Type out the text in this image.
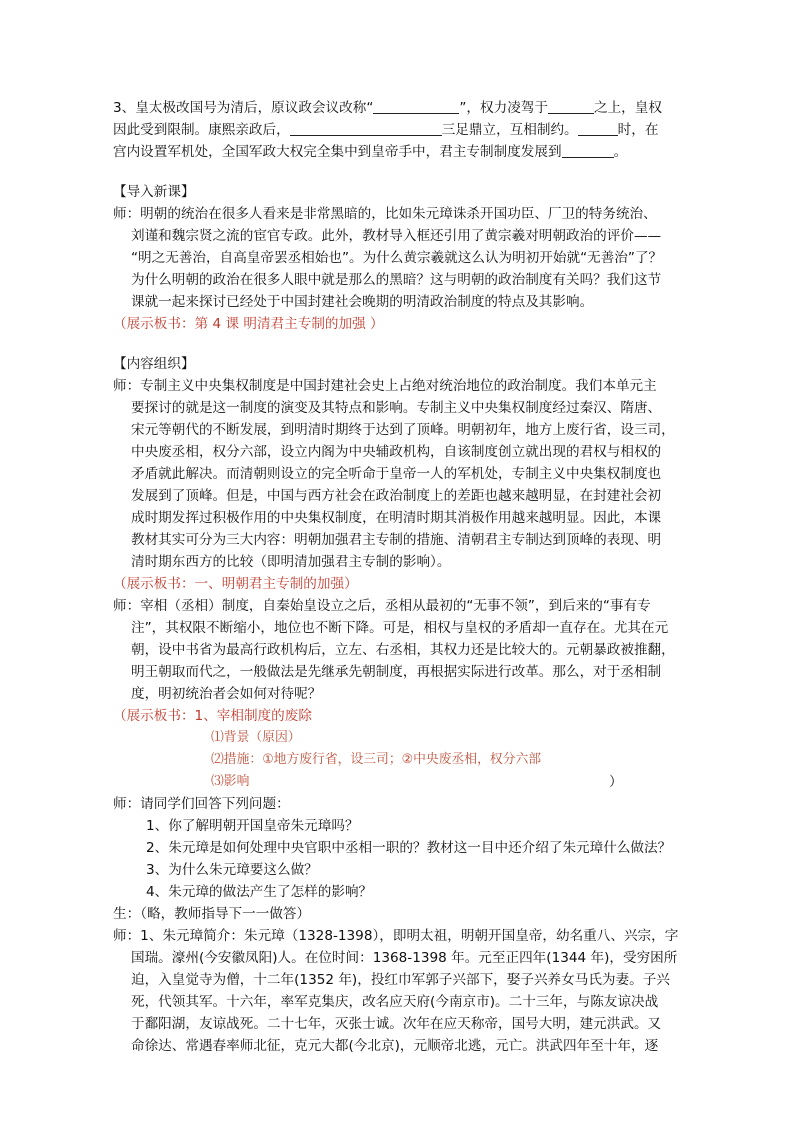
3、皇太极改国号为清后，原议政会议改称“	”，权力凌驾于	之上，皇权
因此受到限制。康熙亲政后，	三足鼎立，互相制约。	时，在
宫内设置军机处，全国军政大权完全集中到皇帝手中，君主专制制度发展到	。
【导入新课】
师：明朝的统治在很多人看来是非常黑暗的，比如朱元璋诛杀开国功臣、厂卫的特务统治、
刘谨和魏宗贤之流的宦官专政。此外，教材导入框还引用了黄宗羲对明朝政治的评价——
“明之无善治，自高皇帝罢丞相始也”。为什么黄宗羲就这么认为明初开始就“无善治”了？
为什么明朝的政治在很多人眼中就是那么的黑暗？这与明朝的政治制度有关吗？我们这节
课就一起来探讨已经处于中国封建社会晚期的明清政治制度的特点及其影响。
（展示板书：第 4 课 明清君主专制的加强 ）
【内容组织】
师：专制主义中央集权制度是中国封建社会史上占绝对统治地位的政治制度。我们本单元主
要探讨的就是这一制度的演变及其特点和影响。专制主义中央集权制度经过秦汉、隋唐、
宋元等朝代的不断发展，到明清时期终于达到了顶峰。明朝初年，地方上废行省，设三司，
中央废丞相，权分六部，设立内阁为中央辅政机构，自该制度创立就出现的君权与相权的
矛盾就此解决。而清朝则设立的完全听命于皇帝一人的军机处，专制主义中央集权制度也
发展到了顶峰。但是，中国与西方社会在政治制度上的差距也越来越明显，在封建社会初
成时期发挥过积极作用的中央集权制度，在明清时期其消极作用越来越明显。因此，本课
教材其实可分为三大内容：明朝加强君主专制的措施、清朝君主专制达到顶峰的表现、明
清时期东西方的比较（即明清加强君主专制的影响）。
（展示板书：一、明朝君主专制的加强）
师：宰相（丞相）制度，自秦始皇设立之后，丞相从最初的“无事不领”，到后来的“事有专
注”，其权限不断缩小，地位也不断下降。可是，相权与皇权的矛盾却一直存在。尤其在元
朝，设中书省为最高行政机构后，立左、右丞相，其权力还是比较大的。元朝暴政被推翻，
明王朝取而代之，一般做法是先继承先朝制度，再根据实际进行改革。那么，对于丞相制
度，明初统治者会如何对待呢？
（展示板书：1、宰相制度的废除
⑴背景（原因）
⑵措施：①地方废行省，设三司；②中央废丞相，权分六部
⑶影响	）
师：请同学们回答下列问题：
1、你了解明朝开国皇帝朱元璋吗？
2、朱元璋是如何处理中央官职中丞相一职的？教材这一目中还介绍了朱元璋什么做法？
3、为什么朱元璋要这么做？
4、朱元璋的做法产生了怎样的影响？
生：（略，教师指导下一一做答）
师：1、朱元璋简介：朱元璋（1328-1398），即明太祖，明朝开国皇帝，幼名重八、兴宗，字
国瑞。濠州(今安徽凤阳)人。在位时间：1368-1398 年。元至正四年(1344 年)，受穷困所
迫，入皇觉寺为僧，十二年(1352 年)，投红巾军郭子兴部下，娶子兴养女马氏为妻。子兴
死，代领其军。十六年，率军克集庆，改名应天府(今南京市)。二十三年，与陈友谅决战
于鄱阳湖，友谅战死。二十七年，灭张士诚。次年在应天称帝，国号大明，建元洪武。又
命徐达、常遇春率师北征，克元大都(今北京)，元顺帝北逃，元亡。洪武四年至十年，逐
